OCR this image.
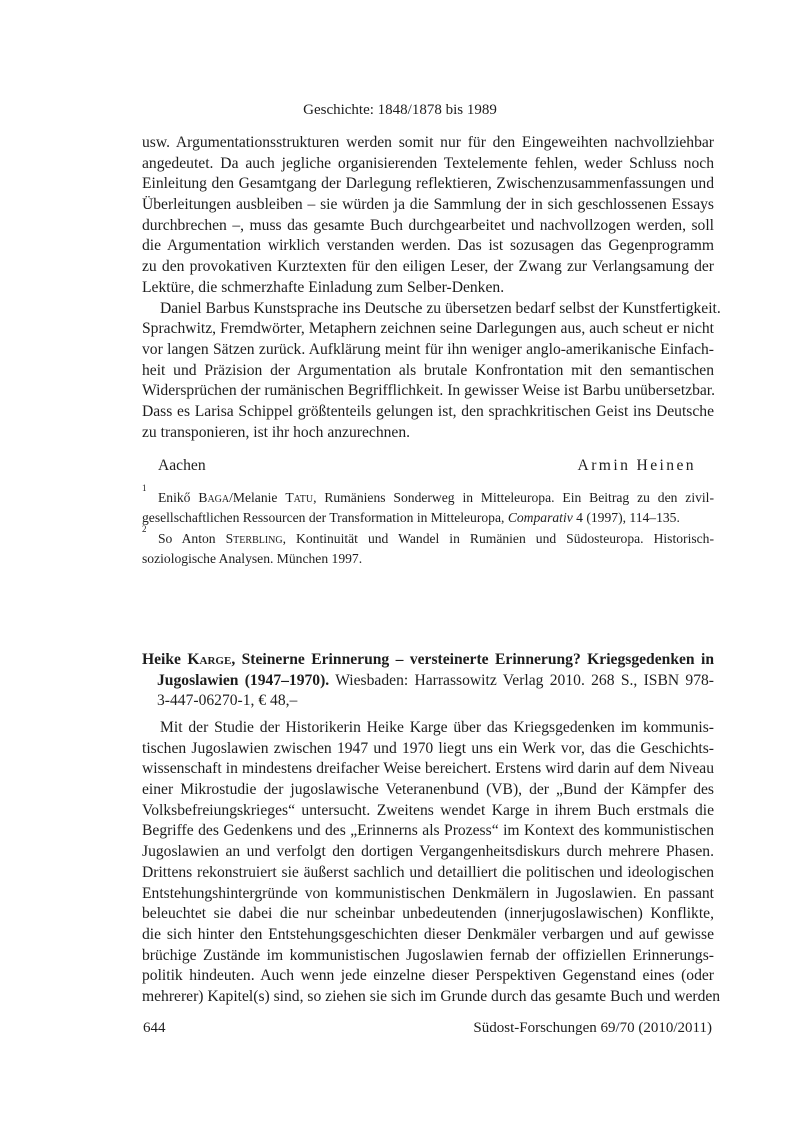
Geschichte: 1848/1878 bis 1989
usw. Argumentationsstrukturen werden somit nur für den Eingeweihten nachvollziehbar
angedeutet. Da auch jegliche organisierenden Textelemente fehlen, weder Schluss noch
Einleitung den Gesamtgang der Darlegung reflektieren, Zwischenzusammenfassungen und
Überleitungen ausbleiben – sie würden ja die Sammlung der in sich geschlossenen Essays
durchbrechen –, muss das gesamte Buch durchgearbeitet und nachvollzogen werden, soll
die Argumentation wirklich verstanden werden. Das ist sozusagen das Gegenprogramm
zu den provokativen Kurztexten für den eiligen Leser, der Zwang zur Verlangsamung der
Lektüre, die schmerzhafte Einladung zum Selber-Denken.
Daniel Barbus Kunstsprache ins Deutsche zu übersetzen bedarf selbst der Kunstfertigkeit.
Sprachwitz, Fremdwörter, Metaphern zeichnen seine Darlegungen aus, auch scheut er nicht
vor langen Sätzen zurück. Aufklärung meint für ihn weniger anglo-amerikanische Einfach-
heit und Präzision der Argumentation als brutale Konfrontation mit den semantischen
Widersprüchen der rumänischen Begrifflichkeit. In gewisser Weise ist Barbu unübersetzbar.
Dass es Larisa Schippel größtenteils gelungen ist, den sprachkritischen Geist ins Deutsche
zu transponieren, ist ihr hoch anzurechnen.
Aachen	Armin Heinen
1
Enikő Baga/Melanie Tatu, Rumäniens Sonderweg in Mitteleuropa. Ein Beitrag zu den zivil-
gesellschaftlichen Ressourcen der Transformation in Mitteleuropa, Comparativ 4 (1997), 114–135.
2
So Anton Sterbling, Kontinuität und Wandel in Rumänien und Südosteuropa. Historisch-
soziologische Analysen. München 1997.
Heike Karge, Steinerne Erinnerung – versteinerte Erinnerung? Kriegsgedenken in
Jugoslawien (1947–1970). Wiesbaden: Harrassowitz Verlag 2010. 268 S., ISBN 978-
3-447-06270-1, € 48,–
Mit der Studie der Historikerin Heike Karge über das Kriegsgedenken im kommunis-
tischen Jugoslawien zwischen 1947 und 1970 liegt uns ein Werk vor, das die Geschichts-
wissenschaft in mindestens dreifacher Weise bereichert. Erstens wird darin auf dem Niveau
einer Mikrostudie der jugoslawische Veteranenbund (VB), der „Bund der Kämpfer des
Volksbefreiungskrieges“ untersucht. Zweitens wendet Karge in ihrem Buch erstmals die
Begriffe des Gedenkens und des „Erinnerns als Prozess“ im Kontext des kommunistischen
Jugoslawien an und verfolgt den dortigen Vergangenheitsdiskurs durch mehrere Phasen.
Drittens rekonstruiert sie äußerst sachlich und detailliert die politischen und ideologischen
Entstehungshintergründe von kommunistischen Denkmälern in Jugoslawien. En passant
beleuchtet sie dabei die nur scheinbar unbedeutenden (innerjugoslawischen) Konflikte,
die sich hinter den Entstehungsgeschichten dieser Denkmäler verbargen und auf gewisse
brüchige Zustände im kommunistischen Jugoslawien fernab der offiziellen Erinnerungs-
politik hindeuten. Auch wenn jede einzelne dieser Perspektiven Gegenstand eines (oder
mehrerer) Kapitel(s) sind, so ziehen sie sich im Grunde durch das gesamte Buch und werden
644	Südost-Forschungen 69/70 (2010/2011)
